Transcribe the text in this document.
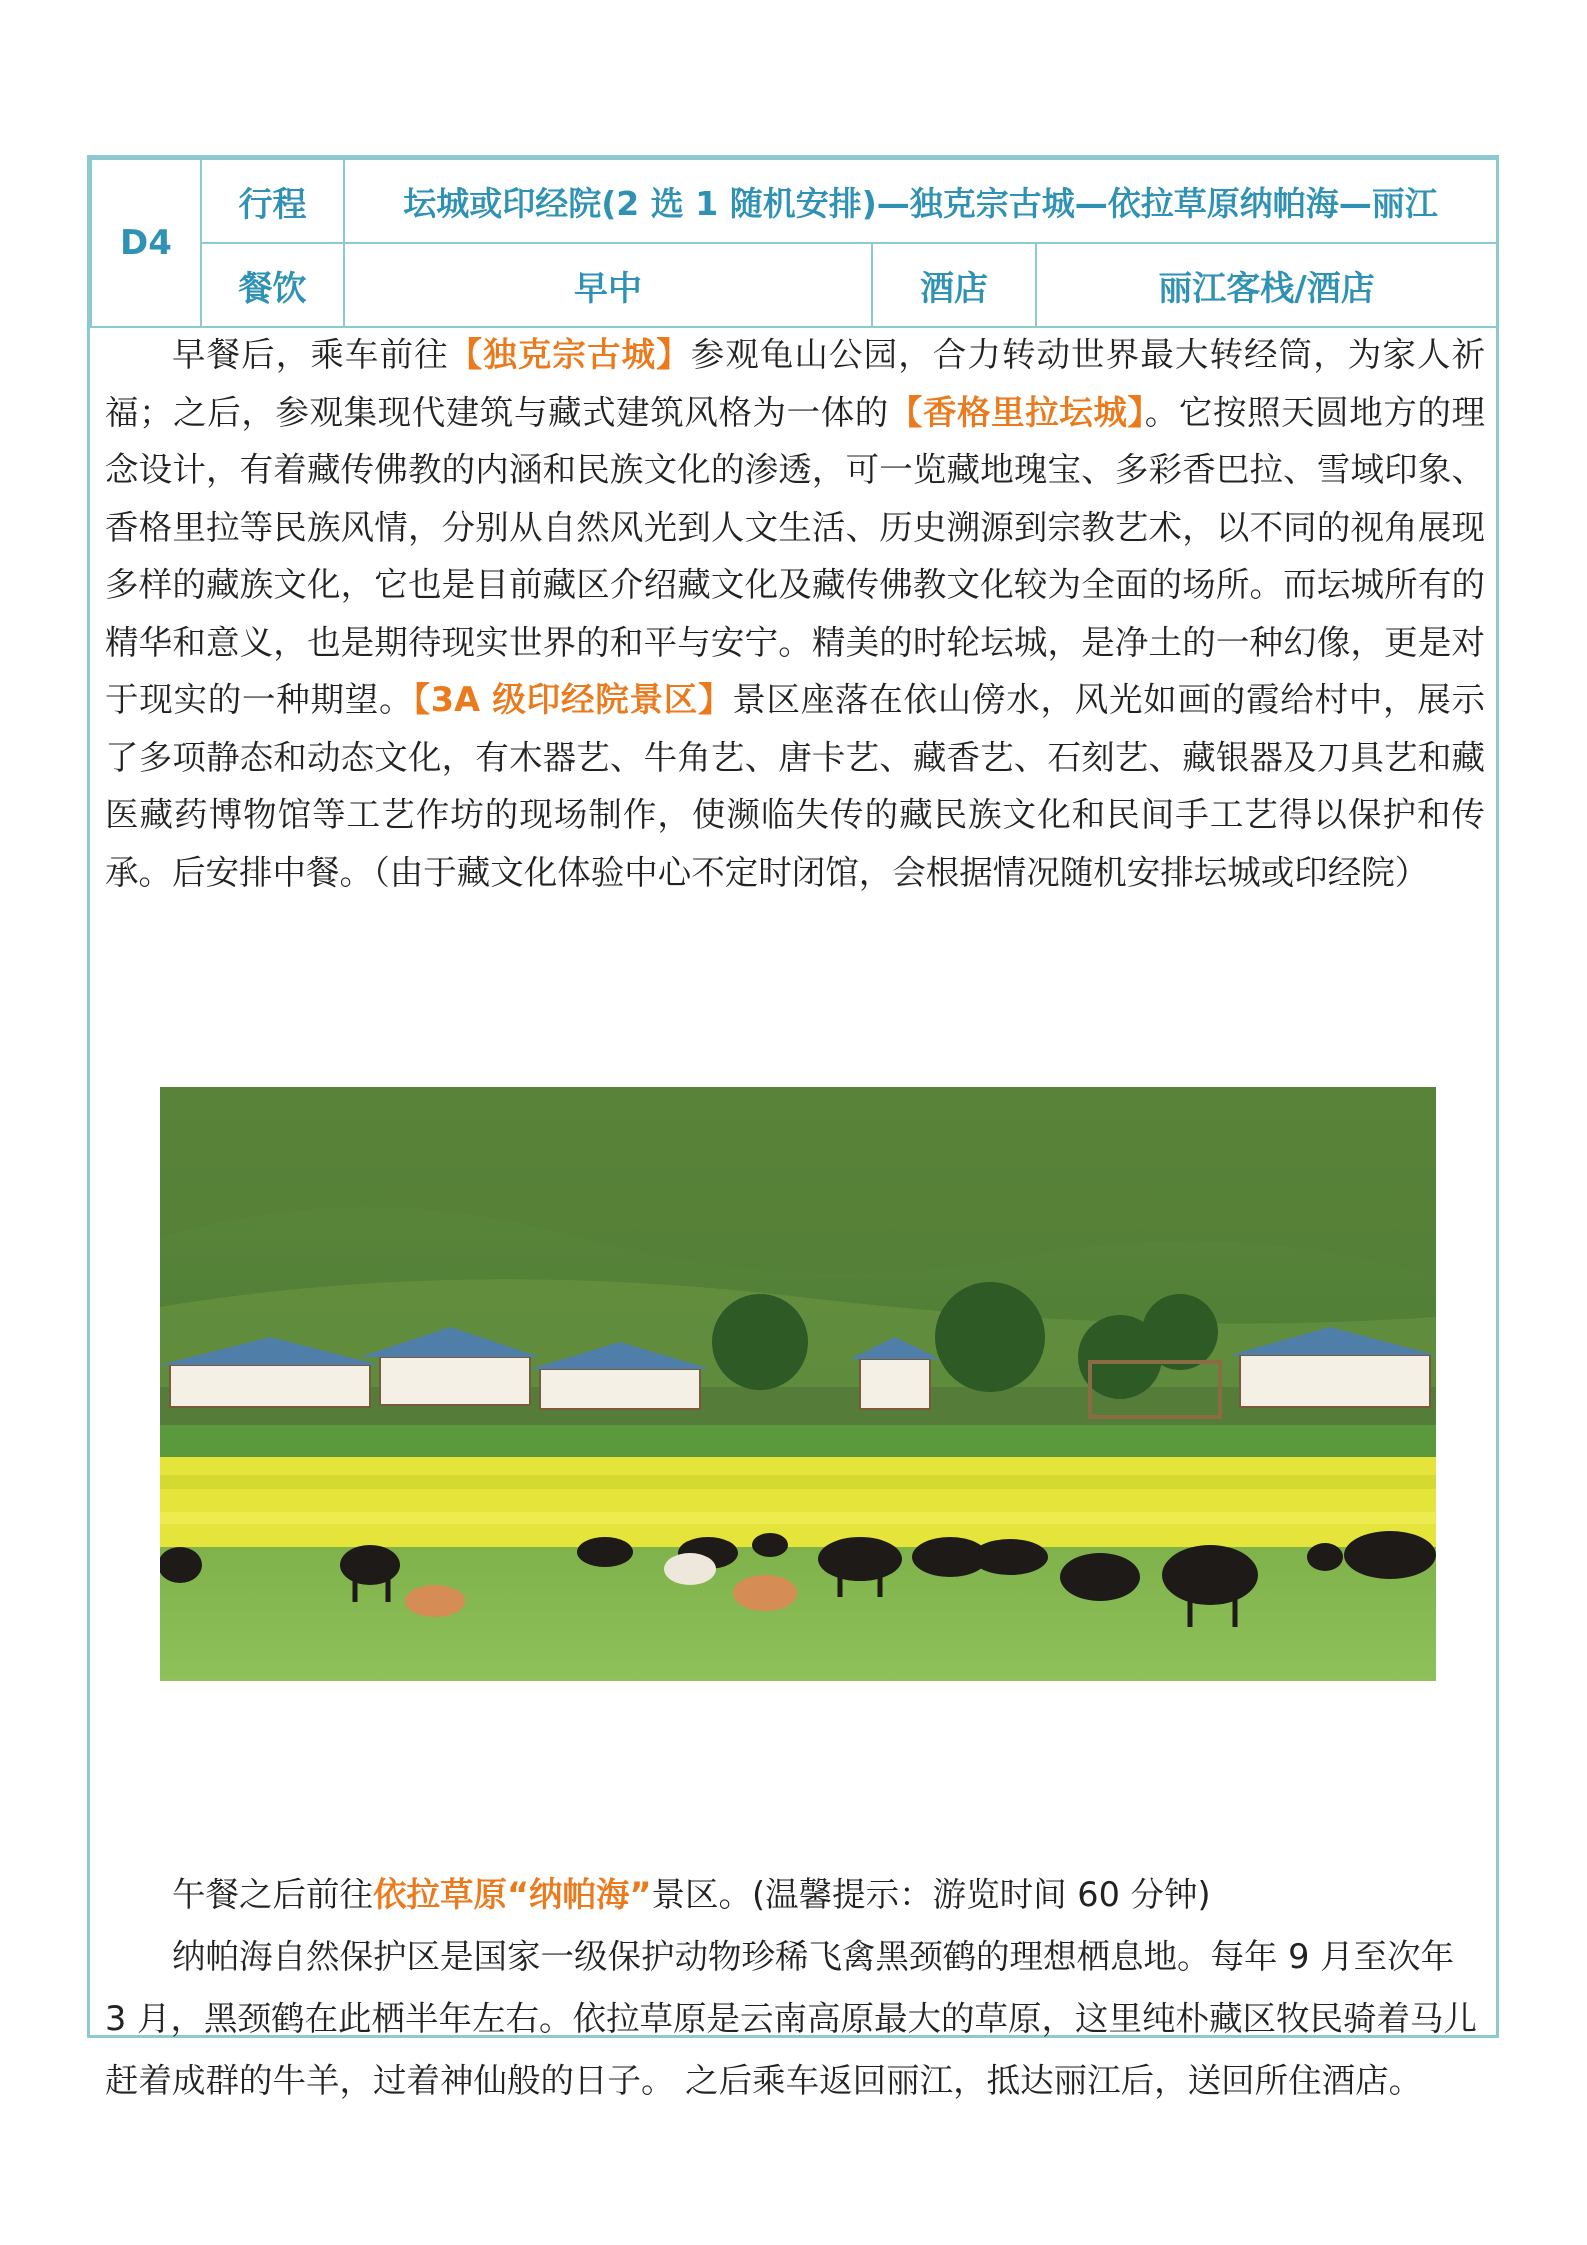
D4	行程	坛城或印经院(2 选 1 随机安排)—独克宗古城—依拉草原纳帕海—丽江		
	餐饮	早中	酒店	丽江客栈/酒店

早餐后，乘车前往【独克宗古城】参观龟山公园，合力转动世界最大转经筒，为家人祈福；之后，参观集现代建筑与藏式建筑风格为一体的【香格里拉坛城】。它按照天圆地方的理念设计，有着藏传佛教的内涵和民族文化的渗透，可一览藏地瑰宝、多彩香巴拉、雪域印象、香格里拉等民族风情，分别从自然风光到人文生活、历史溯源到宗教艺术，以不同的视角展现多样的藏族文化，它也是目前藏区介绍藏文化及藏传佛教文化较为全面的场所。而坛城所有的精华和意义，也是期待现实世界的和平与安宁。精美的时轮坛城，是净土的一种幻像，更是对于现实的一种期望。【3A 级印经院景区】景区座落在依山傍水，风光如画的霞给村中，展示了多项静态和动态文化，有木器艺、牛角艺、唐卡艺、藏香艺、石刻艺、藏银器及刀具艺和藏医藏药博物馆等工艺作坊的现场制作，使濒临失传的藏民族文化和民间手工艺得以保护和传承。后安排中餐。（由于藏文化体验中心不定时闭馆，会根据情况随机安排坛城或印经院）

午餐之后前往依拉草原“纳帕海”景区。(温馨提示：游览时间 60 分钟)

纳帕海自然保护区是国家一级保护动物珍稀飞禽黑颈鹤的理想栖息地。每年 9 月至次年 3 月，黑颈鹤在此栖半年左右。依拉草原是云南高原最大的草原，这里纯朴藏区牧民骑着马儿赶着成群的牛羊，过着神仙般的日子。 之后乘车返回丽江，抵达丽江后，送回所住酒店。
